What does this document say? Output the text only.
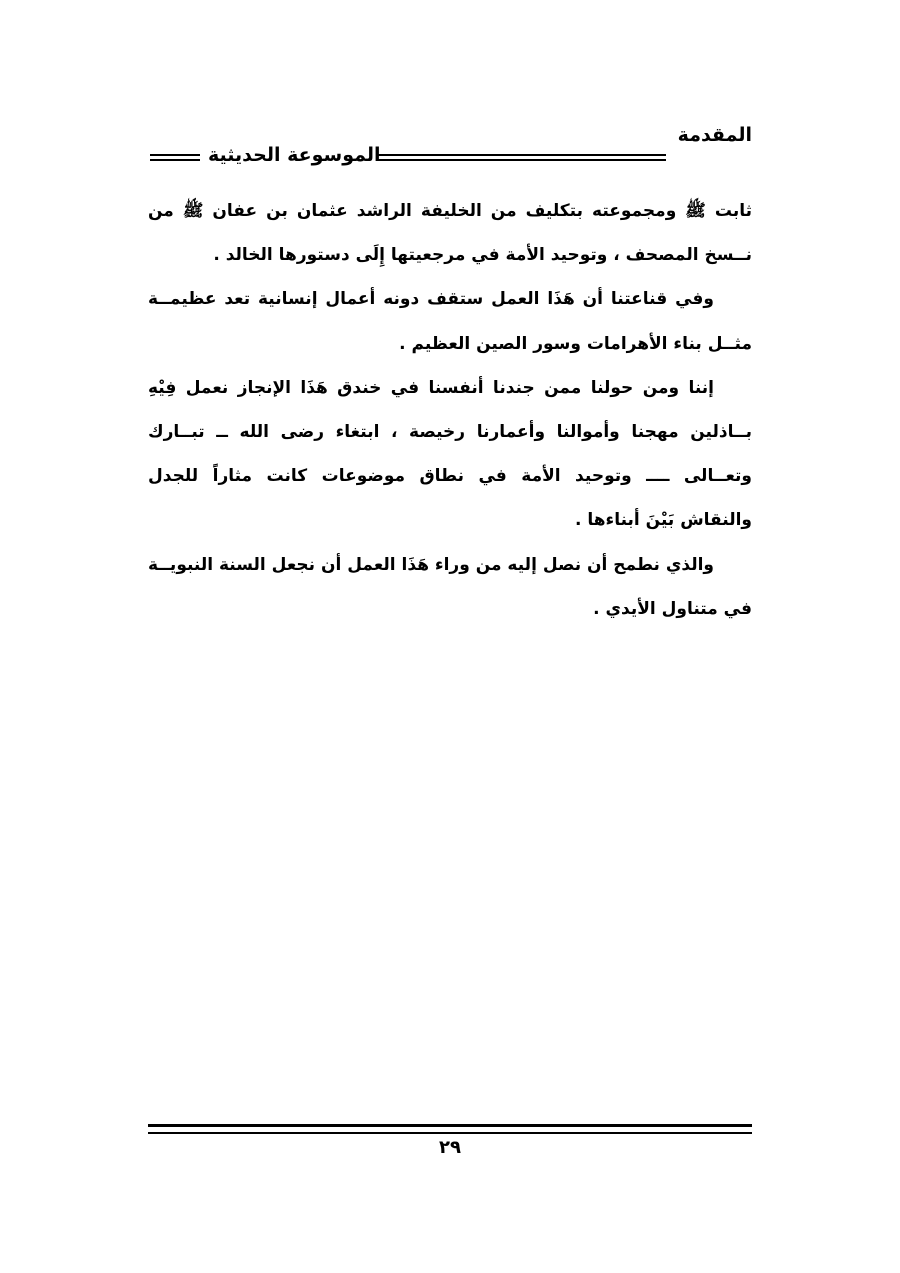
المقدمة
الموسوعة الحديثية

ثابت ﷺ ومجموعته بتكليف من الخليفة الراشد عثمان بن عفان ﷺ من نــسخ المصحف ، وتوحيد الأمة في مرجعيتها إِلَى دستورها الخالد .

وفي قناعتنا أن هَذَا العمل ستقف دونه أعمال إنسانية تعد عظيمــة مثــل بناء الأهرامات وسور الصين العظيم .

إننا ومن حولنا ممن جندنا أنفسنا في خندق هَذَا الإنجاز نعمل فِيْهِ بــاذلين مهجنا وأموالنا وأعمارنا رخيصة ، ابتغاء رضى الله ــ تبــارك وتعــالى ــــ وتوحيد الأمة في نطاق موضوعات كانت مثاراً للجدل والنقاش بَيْنَ أبناءها .

والذي نطمح أن نصل إليه من وراء هَذَا العمل أن نجعل السنة النبويــة في متناول الأيدي .

٢٩
